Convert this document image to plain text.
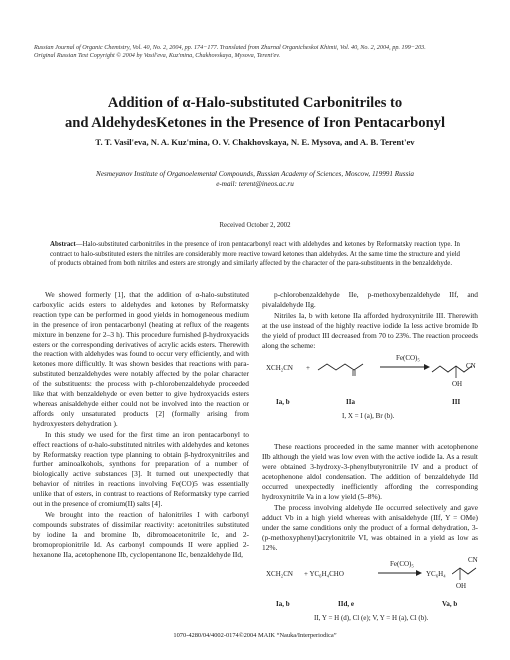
Russian Journal of Organic Chemistry, Vol. 40, No. 2, 2004, pp. 174−177. Translated from Zhurnal Organicheskoi Khimii, Vol. 40, No. 2, 2004, pp. 199−203.
Original Russian Text Copyright © 2004 by Vasil'eva, Kuz'mina, Chakhovskaya, Mysova, Terent'ev.
Addition of α-Halo-substituted Carbonitriles to
and AldehydesKetones in the Presence of Iron Pentacarbonyl
T. T. Vasil'eva, N. A. Kuz'mina, O. V. Chakhovskaya, N. E. Mysova, and A. B. Terent'ev
Nesmeyanov Institute of Organoelemental Compounds, Russian Academy of Sciences, Moscow, 119991 Russia
e-mail: terent@ineos.ac.ru
Received October 2, 2002
Abstract—Halo-substituted carbonitriles in the presence of iron pentacarbonyl react with aldehydes and ketones by Reformatsky reaction type. In contract to halo-substituted esters the nitriles are considerably more reactive toward ketones than aldehydes. At the same time the structure and yield of products obtained from both nitriles and esters are strongly and similarly affected by the character of the para-substituents in the benzaldehyde.

We showed formerly [1], that the addition of α-halo-substituted carboxylic acids esters to aldehydes and ketones by Reformatsky reaction type can be performed in good yields in homogeneous medium in the presence of iron pentacarbonyl (heating at reflux of the reagents mixture in benzene for 2–3 h). This procedure furnished β-hydroxyacids esters or the corresponding derivatives of acrylic acids esters. Therewith the reaction with aldehydes was found to occur very efficiently, and with ketones more difficultly. It was shown besides that reactions with para-substituted benzaldehydes were notably affected by the polar character of the substituents: the process with p-chlorobenzaldehyde proceeded like that with benzaldehyde or even better to give hydroxyacids esters whereas anisaldehyde either could not be involved into the reaction or affords only unsaturated products [2] (formally arising from hydroxyesters dehydration ).

In this study we used for the first time an iron pentacarbonyl to effect reactions of α-halo-substituted nitriles with aldehydes and ketones by Reformatsky reaction type planning to obtain β-hydroxynitriles and further aminoalkohols, synthons for preparation of a number of biologically active substances [3]. It turned out unexpectedly that behavior of nitriles in reactions involving Fe(CO)5 was essentially unlike that of esters, in contrast to reactions of Reformatsky type carried out in the presence of cromium(II) salts [4].

We brought into the reaction of halonitriles I with carbonyl compounds substrates of dissimilar reactivity: acetonitriles substituted by iodine Ia and bromine Ib, dibromoacetonitrile Ic, and 2-bromopropionitrile Id. As carbonyl compounds II were applied 2-hexanone IIa, acetophenone IIb, cyclopentanone IIc, benzaldehyde IId,

p-chlorobenzaldehyde IIe, p-methoxybenzaldehyde IIf, and pivalaldehyde IIg.

Nitriles Ia, b with ketone IIa afforded hydroxynitrile III. Therewith at the use instead of the highly reactive iodide Ia less active bromide Ib the yield of product III decreased from 70 to 23%. The reaction proceeds along the scheme:

XCH₂CN +
Fe(CO)₅
OH
CN
Ia, b	IIa	III
I, X = I (a), Br (b).

These reactions proceeded in the same manner with acetophenone IIb although the yield was low even with the active iodide Ia. As a result were obtained 3-hydroxy-3-phenylbutyronitrile IV and a product of acetophenone aldol condensation. The addition of benzaldehyde IId occurred unexpectedly inefficiently affording the corresponding hydroxynitrile Va in a low yield (5–8%).

The process involving aldehyde IIe occurred selectively and gave adduct Vb in a high yield whereas with anisaldehyde (IIf, Y = OMe) under the same conditions only the product of a formal dehydration, 3-(p-methoxyphenyl)acrylonitrile VI, was obtained in a yield as low as 12%.

XCH₂CN + YC₆H₄CHO
Fe(CO)₅
YC₆H₄
OH
CN
Ia, b	IId, e	Va, b
II, Y = H (d), Cl (e); V, Y = H (a), Cl (b).
1070-4280/04/4002-0174©2004 MAIK “Nauka/Interperiodica”
